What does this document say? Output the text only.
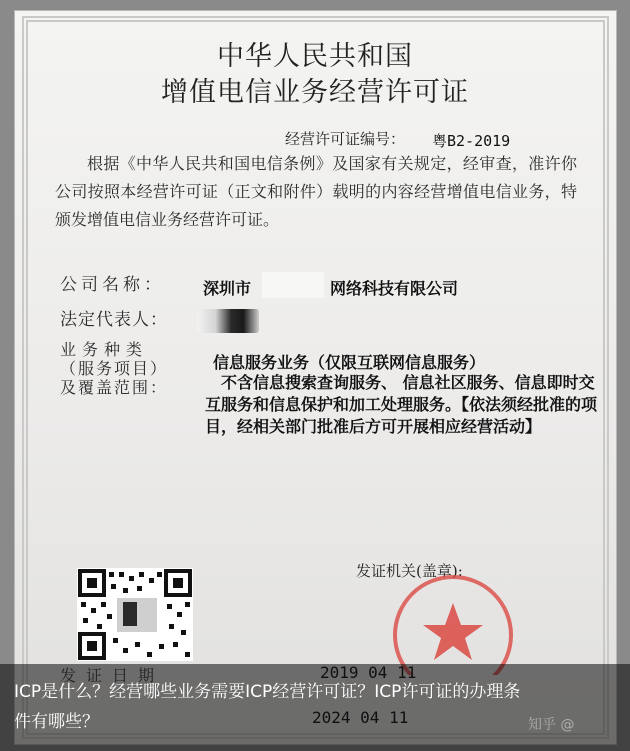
中华人民共和国
增值电信业务经营许可证
经营许可证编号： 粤B2-2019
根据《中华人民共和国电信条例》及国家有关规定，经审查，准许你公司按照本经营许可证（正文和附件）载明的内容经营增值电信业务，特颁发增值电信业务经营许可证。
公司名称： 深圳市	网络科技有限公司
法定代表人：
业务种类
（服务项目）
及覆盖范围：
信息服务业务（仅限互联网信息服务）
不含信息搜索查询服务、 信息社区服务、信息即时交互服务和信息保护和加工处理服务。【依法须经批准的项目，经相关部门批准后方可开展相应经营活动】
发证机关(盖章):
ICP是什么？经营哪些业务需要ICP经营许可证？ICP许可证的办理条件有哪些？	知乎 @
